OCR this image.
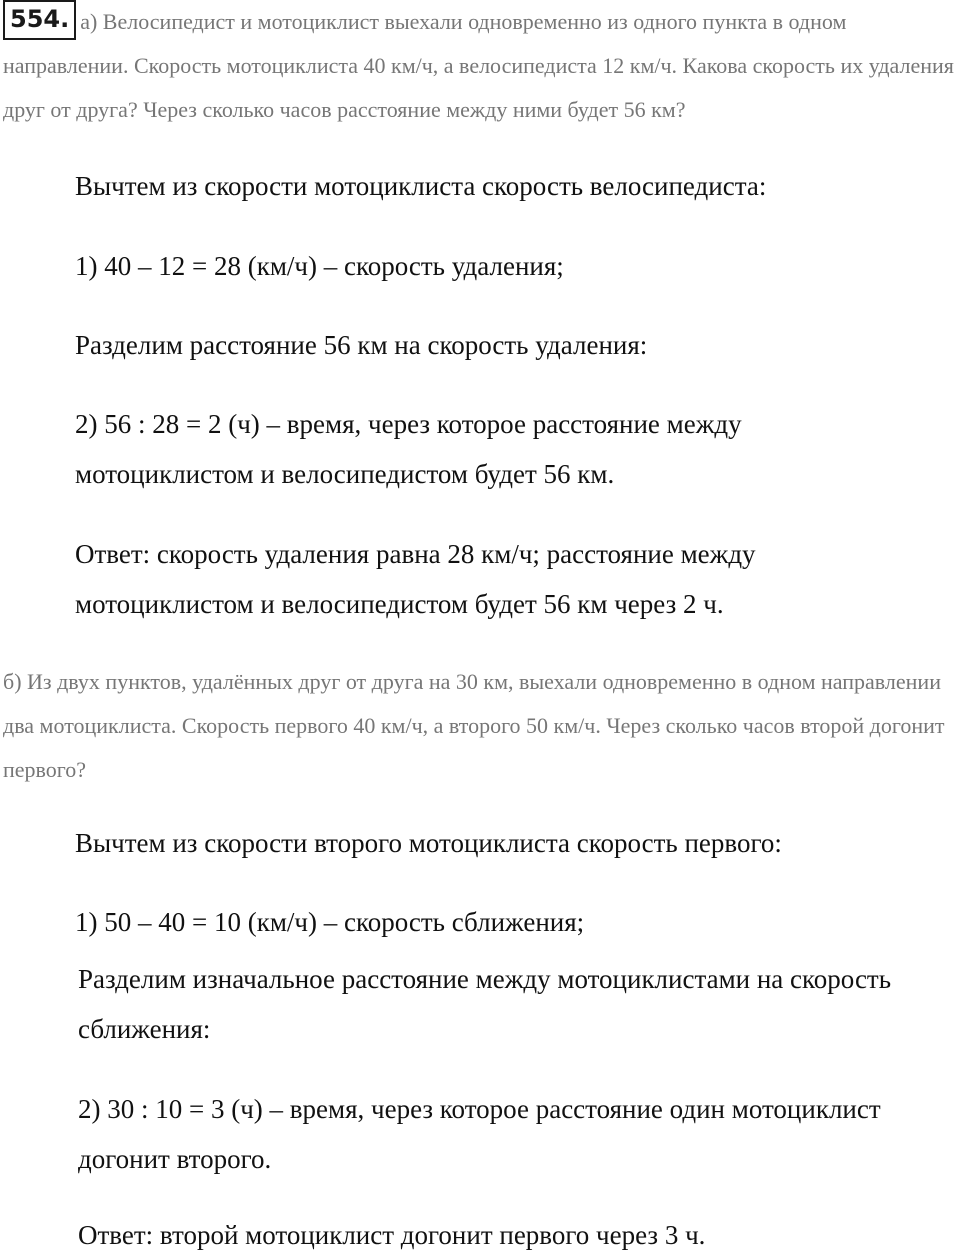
554. а) Велосипедист и мотоциклист выехали одновременно из одного пункта в одном направлении. Скорость мотоциклиста 40 км/ч, а велосипедиста 12 км/ч. Какова скорость их удаления друг от друга? Через сколько часов расстояние между ними будет 56 км?
Вычтем из скорости мотоциклиста скорость велосипедиста:
1) 40 – 12 = 28 (км/ч) – скорость удаления;
Разделим расстояние 56 км на скорость удаления:
2) 56 : 28 = 2 (ч) – время, через которое расстояние между
мотоциклистом и велосипедистом будет 56 км.
Ответ: скорость удаления равна 28 км/ч; расстояние между
мотоциклистом и велосипедистом будет 56 км через 2 ч.
б) Из двух пунктов, удалённых друг от друга на 30 км, выехали одновременно в одном направлении два мотоциклиста. Скорость первого 40 км/ч, а второго 50 км/ч. Через сколько часов второй догонит первого?
Вычтем из скорости второго мотоциклиста скорость первого:
1) 50 – 40 = 10 (км/ч) – скорость сближения;
Разделим изначальное расстояние между мотоциклистами на скорость
сближения:
2) 30 : 10 = 3 (ч) – время, через которое расстояние один мотоциклист
догонит второго.
Ответ: второй мотоциклист догонит первого через 3 ч.
